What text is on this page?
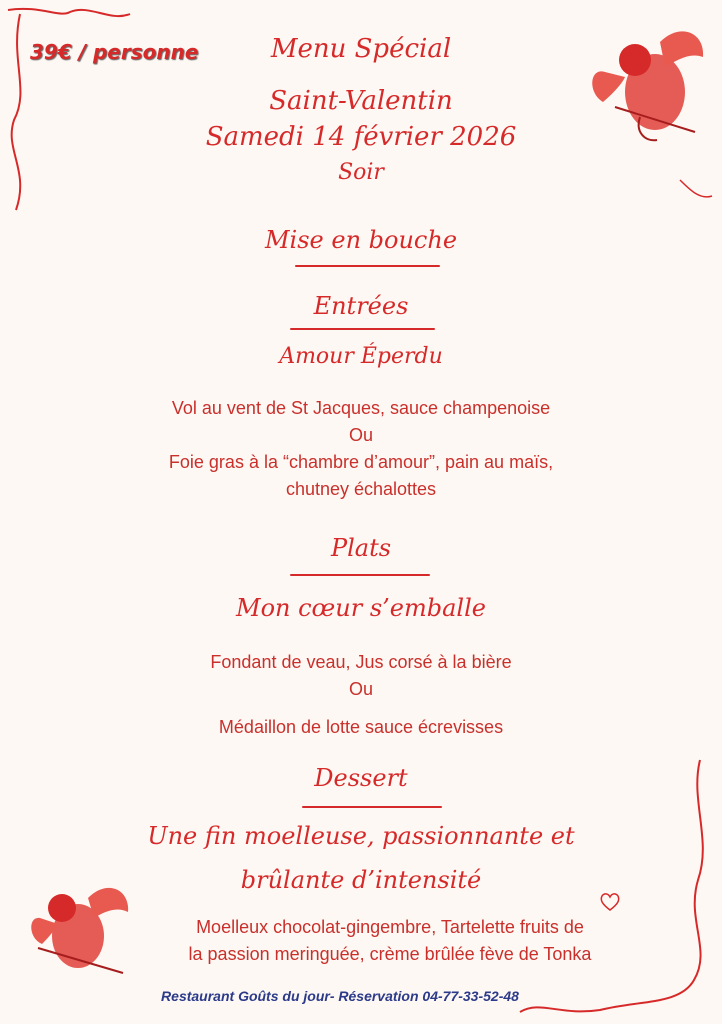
39€ / personne	Menu Spécial
Saint-Valentin
Samedi 14 février 2026
Soir
Mise en bouche
Entrées
Amour Éperdu
Vol au vent de St Jacques, sauce champenoise
Ou
Foie gras à la “chambre d’amour”, pain au maïs,
chutney échalottes
Plats
Mon cœur s’emballe
Fondant de veau, Jus corsé à la bière
Ou
Médaillon de lotte sauce écrevisses
Dessert
Une fin moelleuse, passionnante et
brûlante d’intensité
Moelleux chocolat-gingembre, Tartelette fruits de
la passion meringuée, crème brûlée fève de Tonka
Restaurant Goûts du jour- Réservation 04-77-33-52-48
